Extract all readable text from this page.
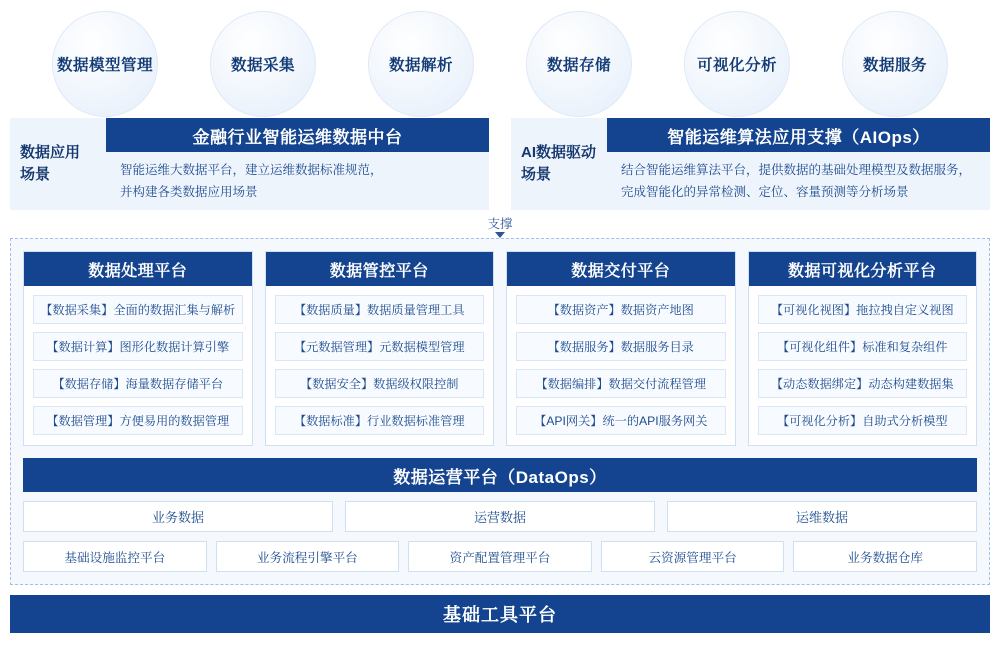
数据模型管理	数据采集	数据解析	数据存储	可视化分析	数据服务
数据应用
场景
金融行业智能运维数据中台
智能运维大数据平台，建立运维数据标准规范，
并构建各类数据应用场景
AI数据驱动
场景
智能运维算法应用支撑（AIOps）
结合智能运维算法平台，提供数据的基础处理模型及数据服务，
完成智能化的异常检测、定位、容量预测等分析场景
支撑
数据处理平台
【数据采集】全面的数据汇集与解析
【数据计算】图形化数据计算引擎
【数据存储】海量数据存储平台
【数据管理】方便易用的数据管理
数据管控平台
【数据质量】数据质量管理工具
【元数据管理】元数据模型管理
【数据安全】数据级权限控制
【数据标准】行业数据标准管理
数据交付平台
【数据资产】数据资产地图
【数据服务】数据服务目录
【数据编排】数据交付流程管理
【API网关】统一的API服务网关
数据可视化分析平台
【可视化视图】拖拉拽自定义视图
【可视化组件】标准和复杂组件
【动态数据绑定】动态构建数据集
【可视化分析】自助式分析模型
数据运营平台（DataOps）
业务数据	运营数据	运维数据
基础设施监控平台	业务流程引擎平台	资产配置管理平台	云资源管理平台	业务数据仓库
基础工具平台
